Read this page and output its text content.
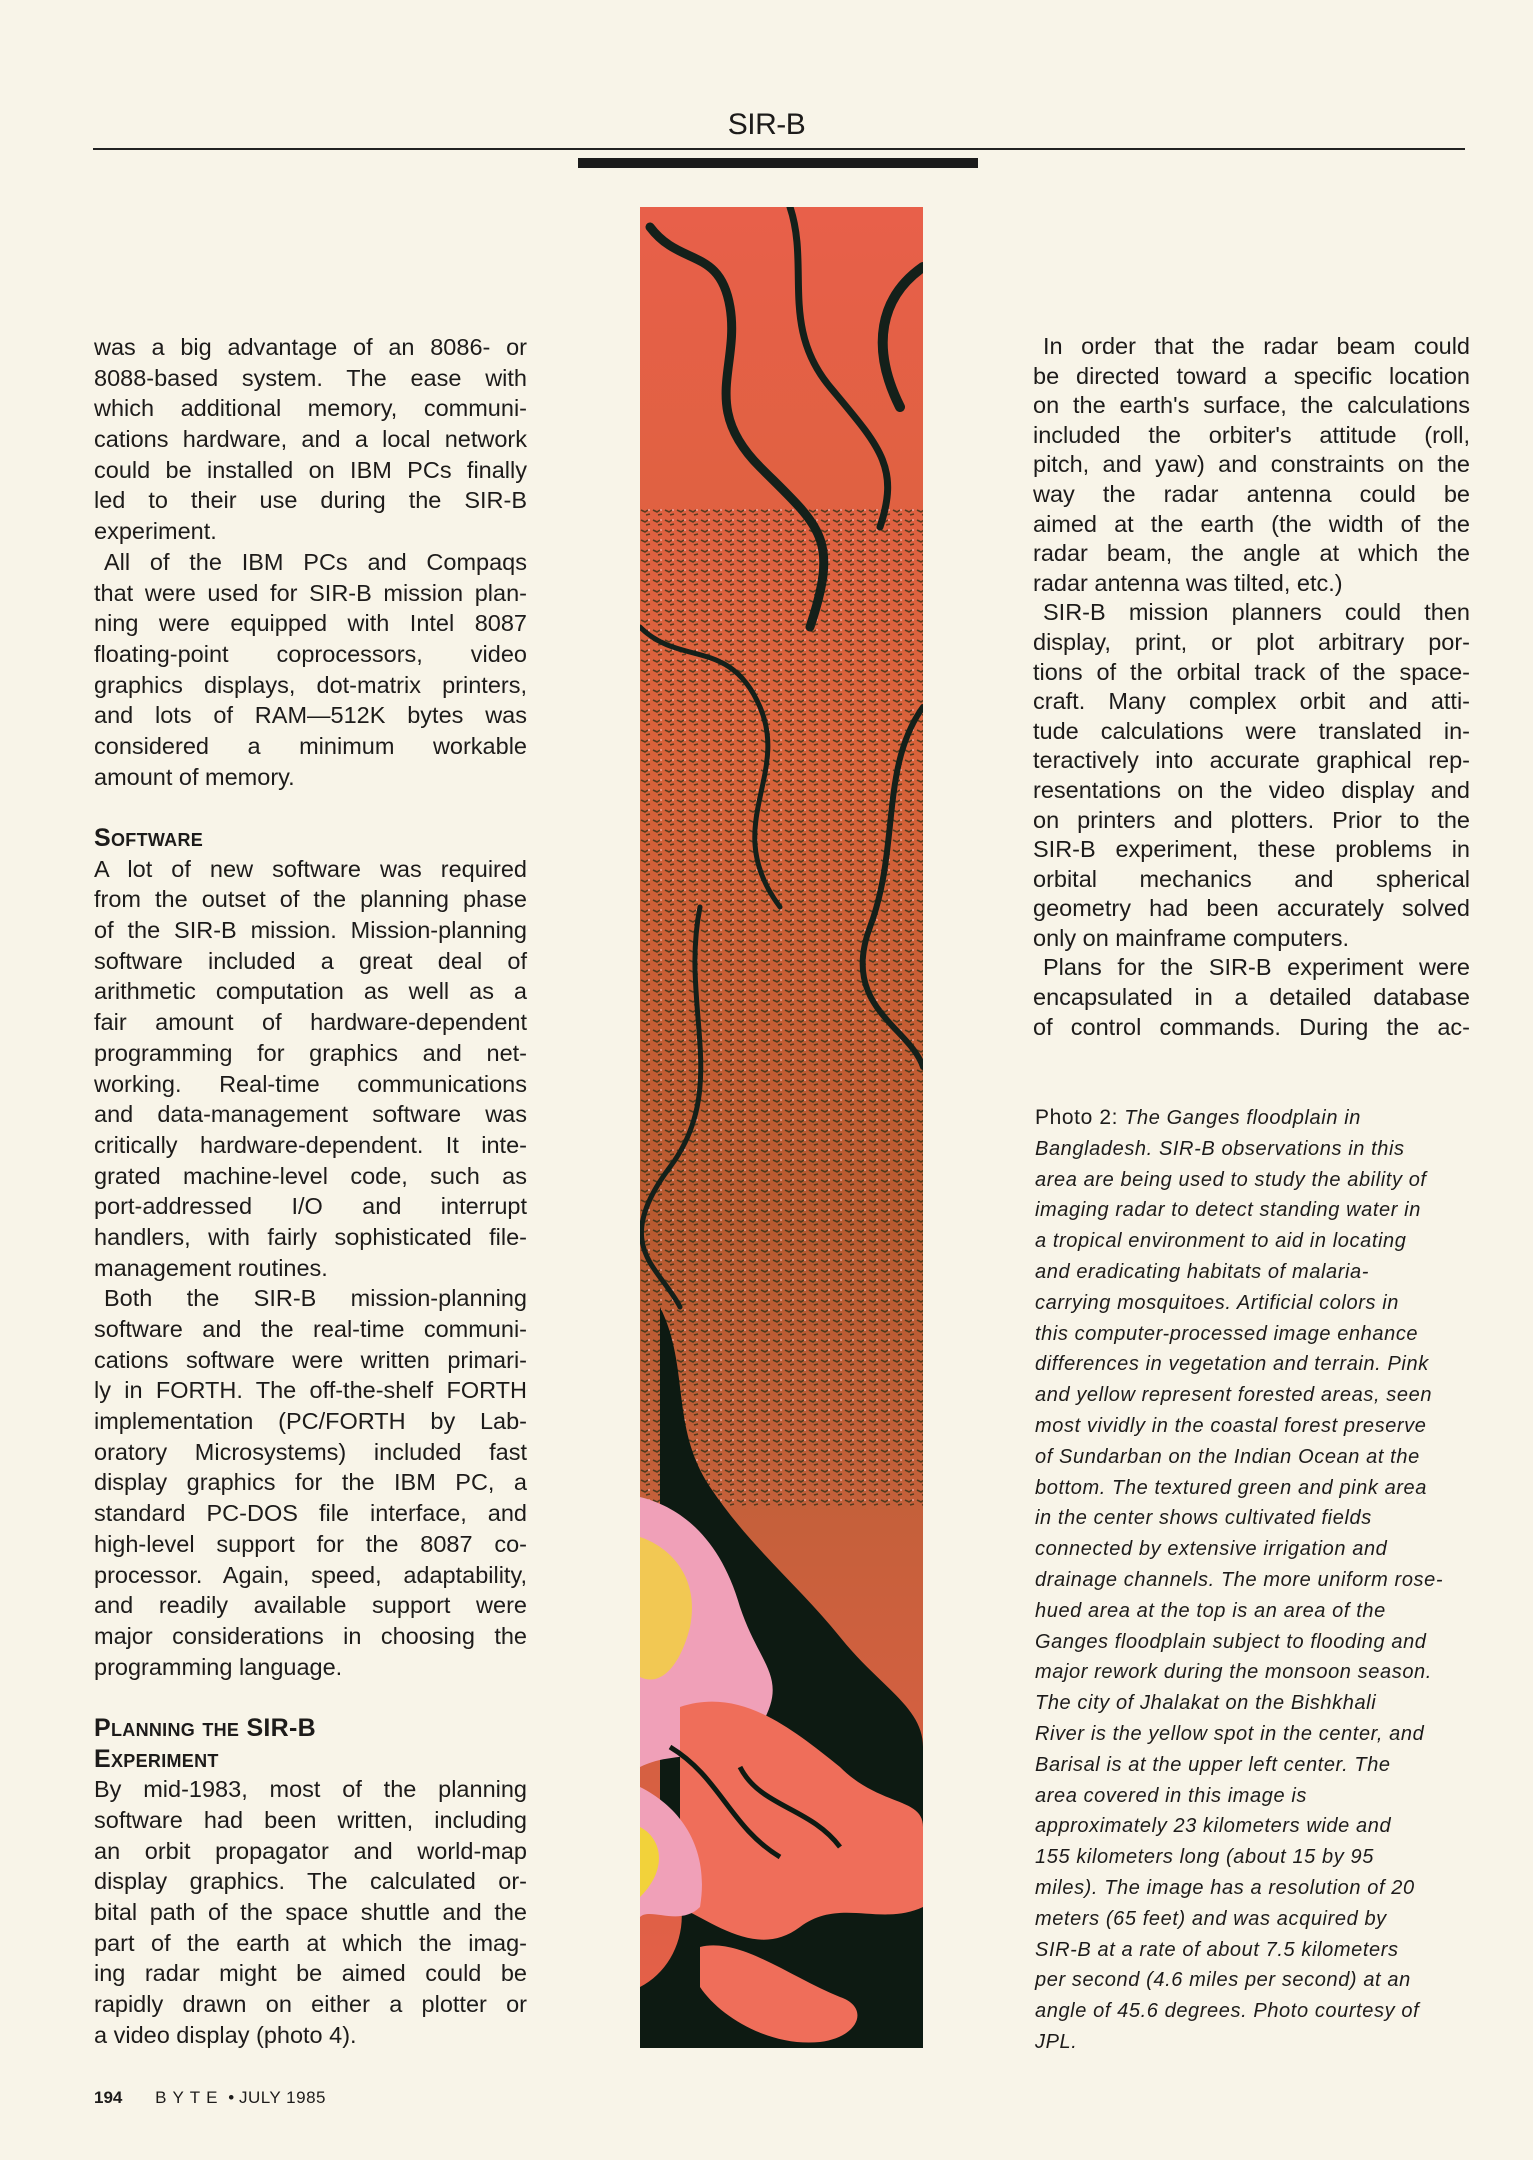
SIR-B
was a big advantage of an 8086- or
8088-based system. The ease with
which additional memory, communi-
cations hardware, and a local network
could be installed on IBM PCs finally
led to their use during the SIR-B
experiment.
All of the IBM PCs and Compaqs
that were used for SIR-B mission plan-
ning were equipped with Intel 8087
floating-point coprocessors, video
graphics displays, dot-matrix printers,
and lots of RAM—512K bytes was
considered a minimum workable
amount of memory.
Software
A lot of new software was required
from the outset of the planning phase
of the SIR-B mission. Mission-planning
software included a great deal of
arithmetic computation as well as a
fair amount of hardware-dependent
programming for graphics and net-
working. Real-time communications
and data-management software was
critically hardware-dependent. It inte-
grated machine-level code, such as
port-addressed I/O and interrupt
handlers, with fairly sophisticated file-
management routines.
Both the SIR-B mission-planning
software and the real-time communi-
cations software were written primari-
ly in FORTH. The off-the-shelf FORTH
implementation (PC/FORTH by Lab-
oratory Microsystems) included fast
display graphics for the IBM PC, a
standard PC-DOS file interface, and
high-level support for the 8087 co-
processor. Again, speed, adaptability,
and readily available support were
major considerations in choosing the
programming language.
Planning the SIR-B
Experiment
By mid-1983, most of the planning
software had been written, including
an orbit propagator and world-map
display graphics. The calculated or-
bital path of the space shuttle and the
part of the earth at which the imag-
ing radar might be aimed could be
rapidly drawn on either a plotter or
a video display (photo 4).
In order that the radar beam could
be directed toward a specific location
on the earth's surface, the calculations
included the orbiter's attitude (roll,
pitch, and yaw) and constraints on the
way the radar antenna could be
aimed at the earth (the width of the
radar beam, the angle at which the
radar antenna was tilted, etc.)
SIR-B mission planners could then
display, print, or plot arbitrary por-
tions of the orbital track of the space-
craft. Many complex orbit and atti-
tude calculations were translated in-
teractively into accurate graphical rep-
resentations on the video display and
on printers and plotters. Prior to the
SIR-B experiment, these problems in
orbital mechanics and spherical
geometry had been accurately solved
only on mainframe computers.
Plans for the SIR-B experiment were
encapsulated in a detailed database
of control commands. During the ac-
Photo 2: The Ganges floodplain in
Bangladesh. SIR-B observations in this
area are being used to study the ability of
imaging radar to detect standing water in
a tropical environment to aid in locating
and eradicating habitats of malaria-
carrying mosquitoes. Artificial colors in
this computer-processed image enhance
differences in vegetation and terrain. Pink
and yellow represent forested areas, seen
most vividly in the coastal forest preserve
of Sundarban on the Indian Ocean at the
bottom. The textured green and pink area
in the center shows cultivated fields
connected by extensive irrigation and
drainage channels. The more uniform rose-
hued area at the top is an area of the
Ganges floodplain subject to flooding and
major rework during the monsoon season.
The city of Jhalakat on the Bishkhali
River is the yellow spot in the center, and
Barisal is at the upper left center. The
area covered in this image is
approximately 23 kilometers wide and
155 kilometers long (about 15 by 95
miles). The image has a resolution of 20
meters (65 feet) and was acquired by
SIR-B at a rate of about 7.5 kilometers
per second (4.6 miles per second) at an
angle of 45.6 degrees. Photo courtesy of
JPL.
194 BYTE • JULY 1985
